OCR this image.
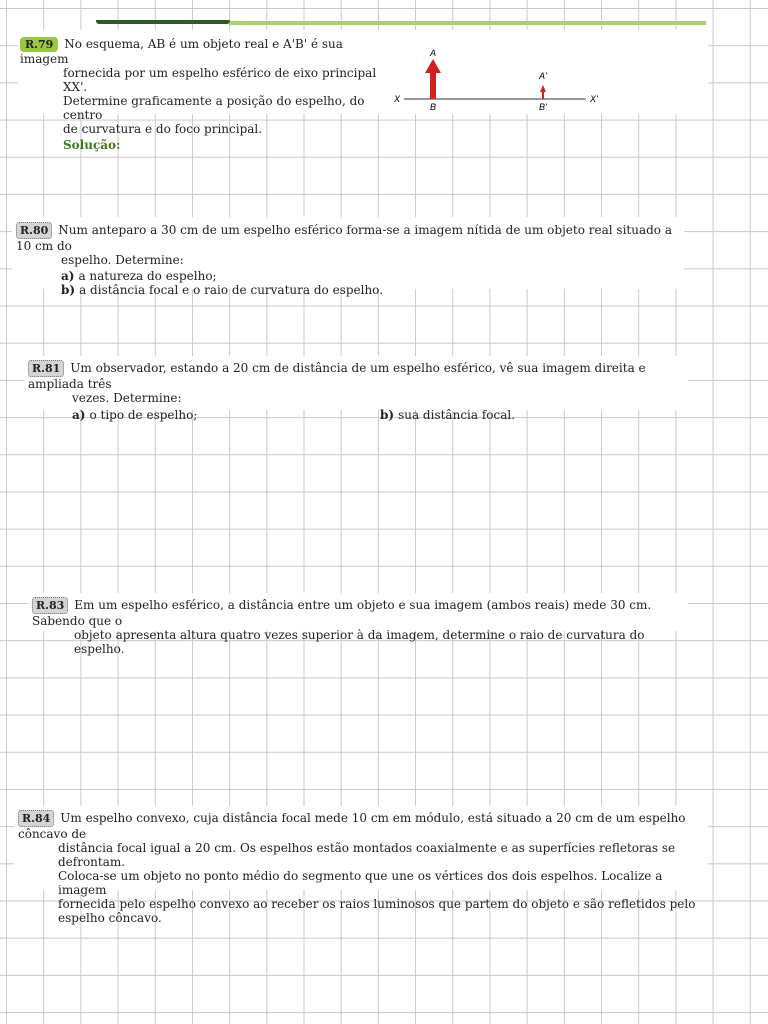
R.79 No esquema, AB é um objeto real e A'B' é sua imagem

fornecida por um espelho esférico de eixo principal XX'.

Determine graficamente a posição do espelho, do centro

de curvatura e do foco principal.

Solução:
A
B
A'
B'
X	X'

R.80 Num anteparo a 30 cm de um espelho esférico forma-se a imagem nítida de um objeto real situado a 10 cm do

espelho. Determine:

a) a natureza do espelho;
b) a distância focal e o raio de curvatura do espelho.

R.81 Um observador, estando a 20 cm de distância de um espelho esférico, vê sua imagem direita e ampliada três

vezes. Determine:

a) o tipo de espelho;	b) sua distância focal.

R.83 Em um espelho esférico, a distância entre um objeto e sua imagem (ambos reais) mede 30 cm. Sabendo que o

objeto apresenta altura quatro vezes superior à da imagem, determine o raio de curvatura do espelho.

R.84 Um espelho convexo, cuja distância focal mede 10 cm em módulo, está situado a 20 cm de um espelho côncavo de

distância focal igual a 20 cm. Os espelhos estão montados coaxialmente e as superfícies refletoras se defrontam.

Coloca-se um objeto no ponto médio do segmento que une os vértices dos dois espelhos. Localize a imagem

fornecida pelo espelho convexo ao receber os raios luminosos que partem do objeto e são refletidos pelo

espelho côncavo.
